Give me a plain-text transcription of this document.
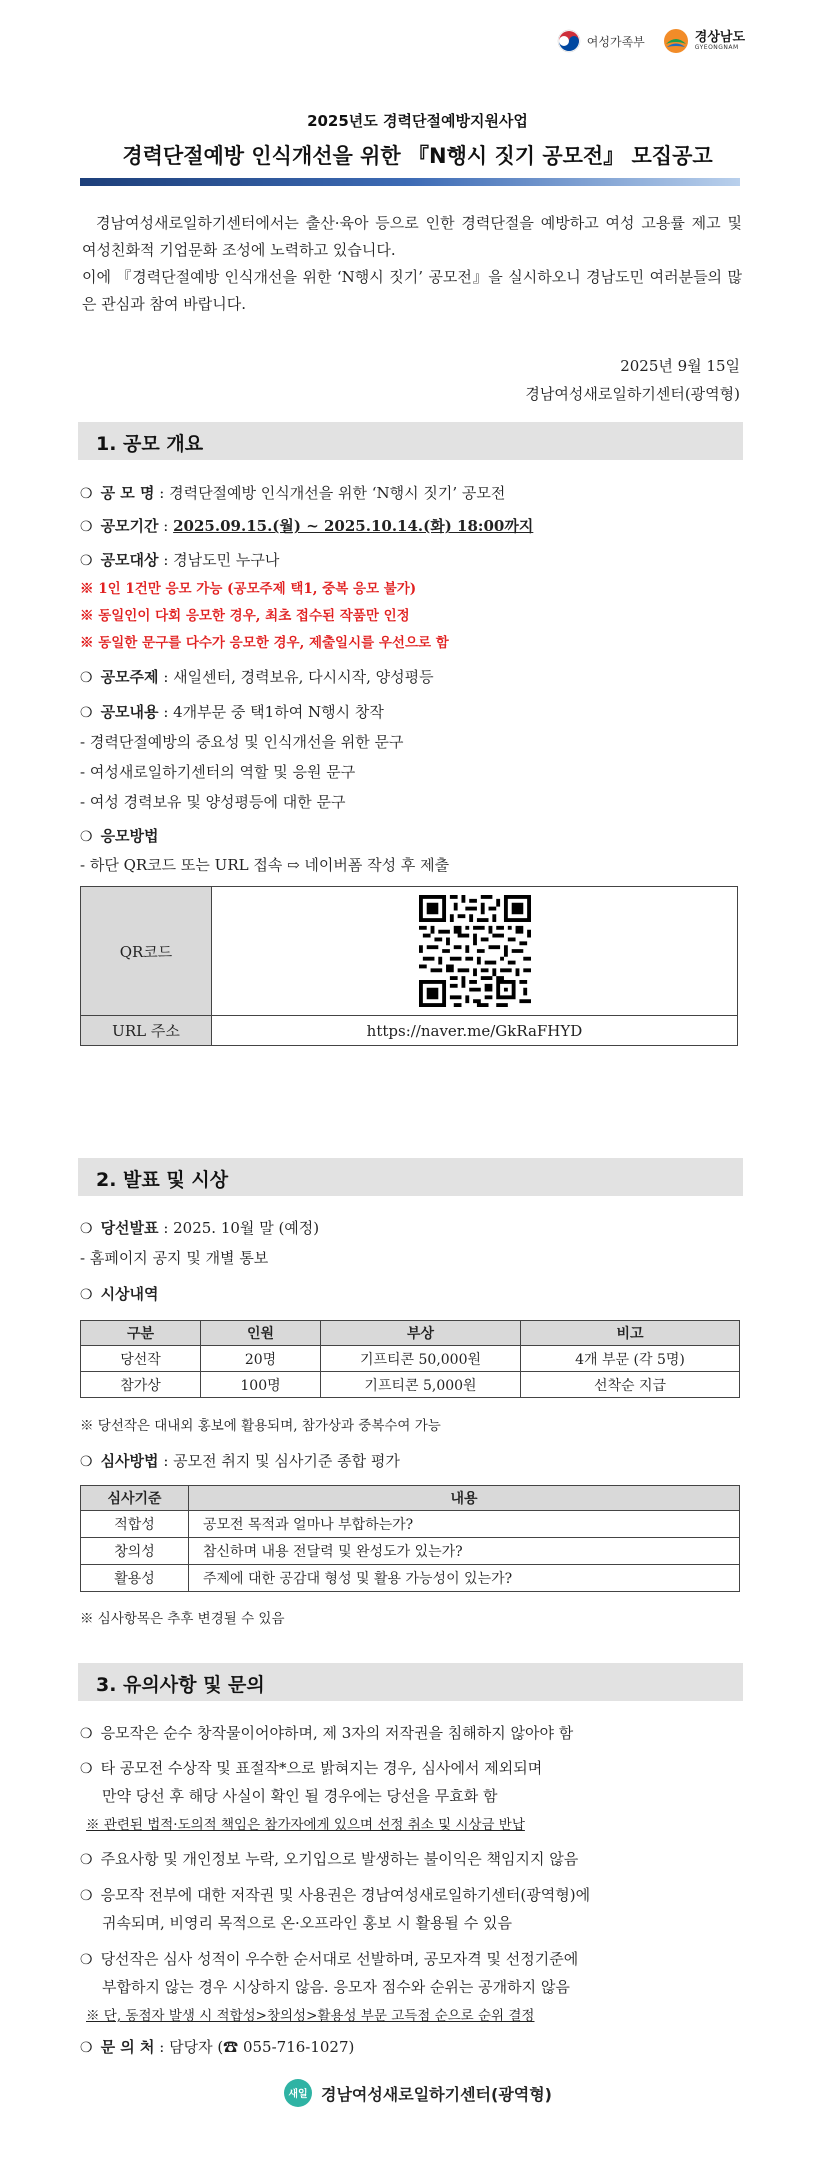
여성가족부	경상남도
GYEONGNAM
2025년도 경력단절예방지원사업
경력단절예방 인식개선을 위한 『N행시 짓기 공모전』 모집공고

경남여성새로일하기센터에서는 출산·육아 등으로 인한 경력단절을 예방하고 여성 고용률 제고 및 여성친화적 기업문화 조성에 노력하고 있습니다.

이에 『경력단절예방 인식개선을 위한 ‘N행시 짓기’ 공모전』을 실시하오니 경남도민 여러분들의 많은 관심과 참여 바랍니다.

2025년 9월 15일
경남여성새로일하기센터(광역형)
1. 공모 개요
❍ 공 모 명 : 경력단절예방 인식개선을 위한 ‘N행시 짓기’ 공모전
❍ 공모기간 : 2025.09.15.(월) ~ 2025.10.14.(화) 18:00까지
❍ 공모대상 : 경남도민 누구나
※ 1인 1건만 응모 가능 (공모주제 택1, 중복 응모 불가)
※ 동일인이 다회 응모한 경우, 최초 접수된 작품만 인정
※ 동일한 문구를 다수가 응모한 경우, 제출일시를 우선으로 함
❍ 공모주제 : 새일센터, 경력보유, 다시시작, 양성평등
❍ 공모내용 : 4개부문 중 택1하여 N행시 창작
- 경력단절예방의 중요성 및 인식개선을 위한 문구
- 여성새로일하기센터의 역할 및 응원 문구
- 여성 경력보유 및 양성평등에 대한 문구
❍ 응모방법
- 하단 QR코드 또는 URL 접속 ⇨ 네이버폼 작성 후 제출
QR코드	

URL 주소	https://naver.me/GkRaFHYD
2. 발표 및 시상
❍ 당선발표 : 2025. 10월 말 (예정)
- 홈페이지 공지 및 개별 통보
❍ 시상내역
구분	인원	부상	비고
당선작	20명	기프티콘 50,000원	4개 부문 (각 5명)
참가상	100명	기프티콘 5,000원	선착순 지급
※ 당선작은 대내외 홍보에 활용되며, 참가상과 중복수여 가능
❍ 심사방법 : 공모전 취지 및 심사기준 종합 평가
심사기준	내용
적합성	공모전 목적과 얼마나 부합하는가?
창의성	참신하며 내용 전달력 및 완성도가 있는가?
활용성	주제에 대한 공감대 형성 및 활용 가능성이 있는가?
※ 심사항목은 추후 변경될 수 있음
3. 유의사항 및 문의
❍ 응모작은 순수 창작물이어야하며, 제 3자의 저작권을 침해하지 않아야 함
❍ 타 공모전 수상작 및 표절작*으로 밝혀지는 경우, 심사에서 제외되며
만약 당선 후 해당 사실이 확인 될 경우에는 당선을 무효화 함
※ 관련된 법적·도의적 책임은 참가자에게 있으며 선정 취소 및 시상금 반납
❍ 주요사항 및 개인정보 누락, 오기입으로 발생하는 불이익은 책임지지 않음
❍ 응모작 전부에 대한 저작권 및 사용권은 경남여성새로일하기센터(광역형)에
귀속되며, 비영리 목적으로 온·오프라인 홍보 시 활용될 수 있음
❍ 당선작은 심사 성적이 우수한 순서대로 선발하며, 공모자격 및 선정기준에
부합하지 않는 경우 시상하지 않음. 응모자 점수와 순위는 공개하지 않음
※ 단, 동점자 발생 시 적합성>창의성>활용성 부문 고득점 순으로 순위 결정
❍ 문 의 처 : 담당자 (☎ 055-716-1027)
새일 경남여성새로일하기센터(광역형)
